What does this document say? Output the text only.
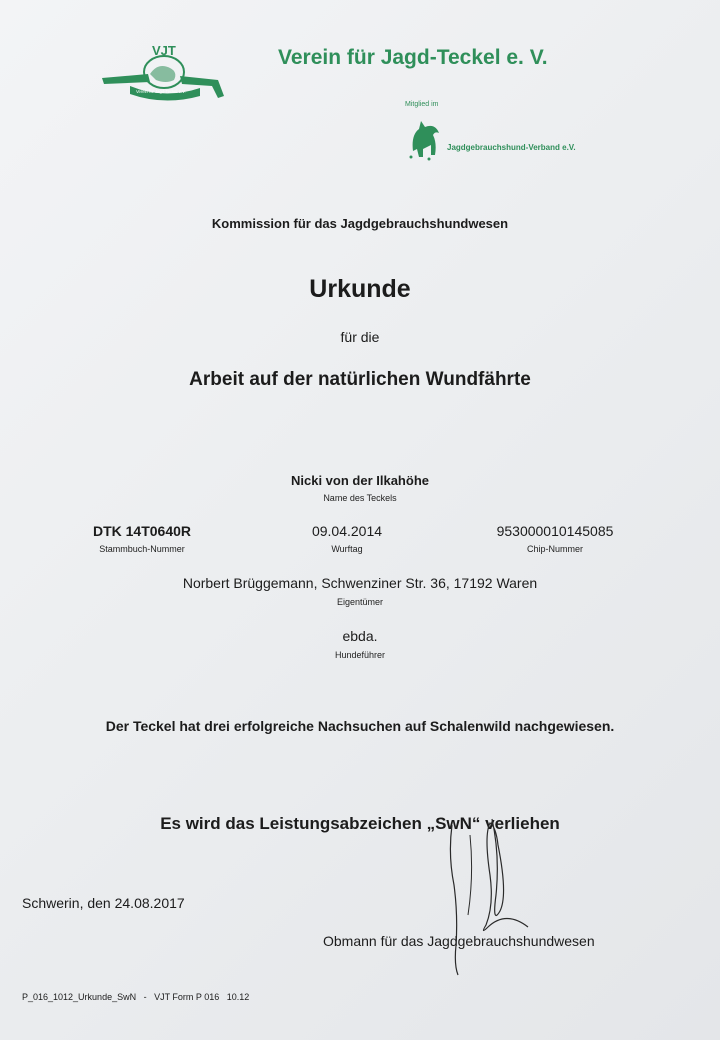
VJT
Verein für Jagd-Teckel e.V.
Verein für Jagd-Teckel e. V.
Mitglied im
Jagdgebrauchshund-Verband e.V.
Kommission für das Jagdgebrauchshundwesen
Urkunde
für die
Arbeit auf der natürlichen Wundfährte
Nicki von der Ilkahöhe
Name des Teckels
DTK 14T0640R
Stammbuch-Nummer
09.04.2014
Wurftag
953000010145085
Chip-Nummer
Norbert Brüggemann, Schwenziner Str. 36, 17192 Waren
Eigentümer
ebda.
Hundeführer
Der Teckel hat drei erfolgreiche Nachsuchen auf Schalenwild nachgewiesen.
Es wird das Leistungsabzeichen „SwN“ verliehen
Schwerin, den 24.08.2017
Obmann für das Jagdgebrauchshundwesen
P_016_1012_Urkunde_SwN   -   VJT Form P 016   10.12
